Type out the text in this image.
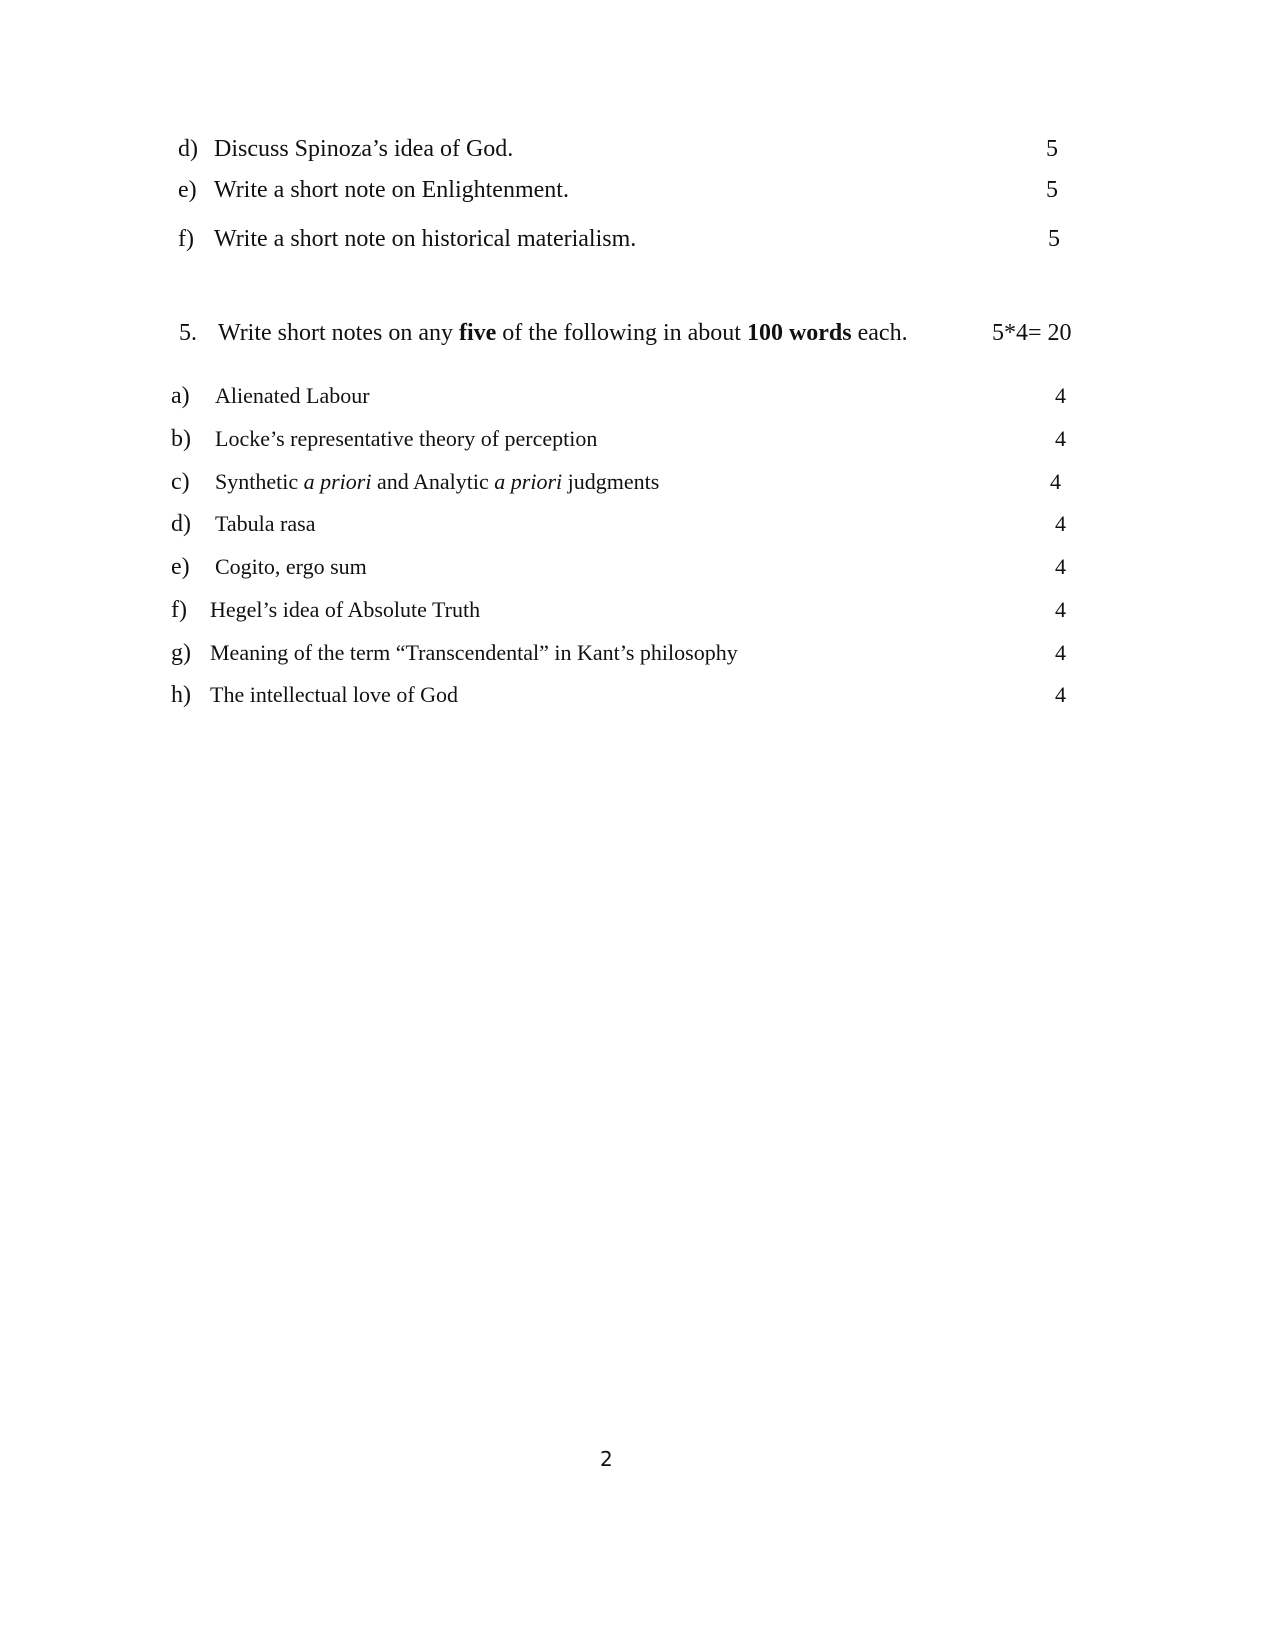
d) Discuss Spinoza’s idea of God.	5
e) Write a short note on Enlightenment.	5
f) Write a short note on historical materialism.	5
5. Write short notes on any five of the following in about 100 words each.	5*4= 20
a) Alienated Labour	4
b) Locke’s representative theory of perception	4
c) Synthetic a priori and Analytic a priori judgments	4
d) Tabula rasa	4
e) Cogito, ergo sum	4
f) Hegel’s idea of Absolute Truth	4
g) Meaning of the term “Transcendental” in Kant’s philosophy	4
h) The intellectual love of God	4
2
